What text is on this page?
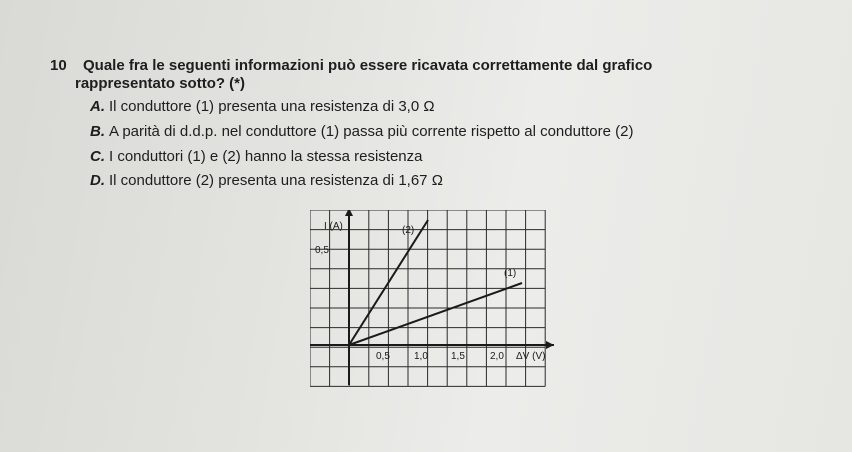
10 Quale fra le seguenti informazioni può essere ricavata correttamente dal grafico
rappresentato sotto? (*)
A. Il conduttore (1) presenta una resistenza di 3,0 Ω
B. A parità di d.d.p. nel conduttore (1) passa più corrente rispetto al conduttore (2)
C. I conduttori (1) e (2) hanno la stessa resistenza
D. Il conduttore (2) presenta una resistenza di 1,67 Ω
I (A)
0,5
(2)
(1)
0,5 1,0 1,5	2,0 ΔV (V)
